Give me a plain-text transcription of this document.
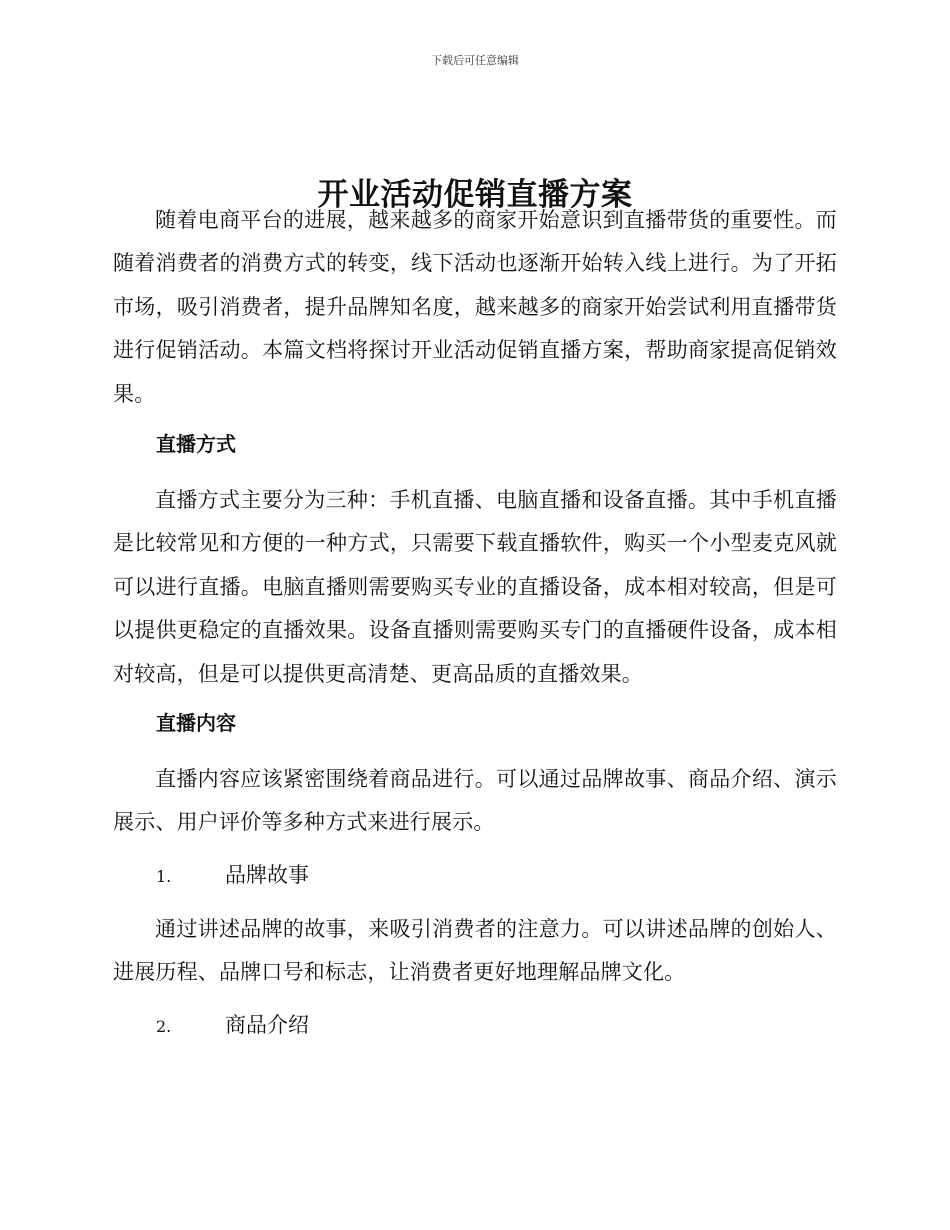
下载后可任意编辑
开业活动促销直播方案

随着电商平台的进展，越来越多的商家开始意识到直播带货的重要性。而随着消费者的消费方式的转变，线下活动也逐渐开始转入线上进行。为了开拓市场，吸引消费者，提升品牌知名度，越来越多的商家开始尝试利用直播带货进行促销活动。本篇文档将探讨开业活动促销直播方案，帮助商家提高促销效果。

直播方式

直播方式主要分为三种：手机直播、电脑直播和设备直播。其中手机直播是比较常见和方便的一种方式，只需要下载直播软件，购买一个小型麦克风就可以进行直播。电脑直播则需要购买专业的直播设备，成本相对较高，但是可以提供更稳定的直播效果。设备直播则需要购买专门的直播硬件设备，成本相对较高，但是可以提供更高清楚、更高品质的直播效果。

直播内容

直播内容应该紧密围绕着商品进行。可以通过品牌故事、商品介绍、演示展示、用户评价等多种方式来进行展示。

1.	品牌故事

通过讲述品牌的故事，来吸引消费者的注意力。可以讲述品牌的创始人、进展历程、品牌口号和标志，让消费者更好地理解品牌文化。

2.	商品介绍
